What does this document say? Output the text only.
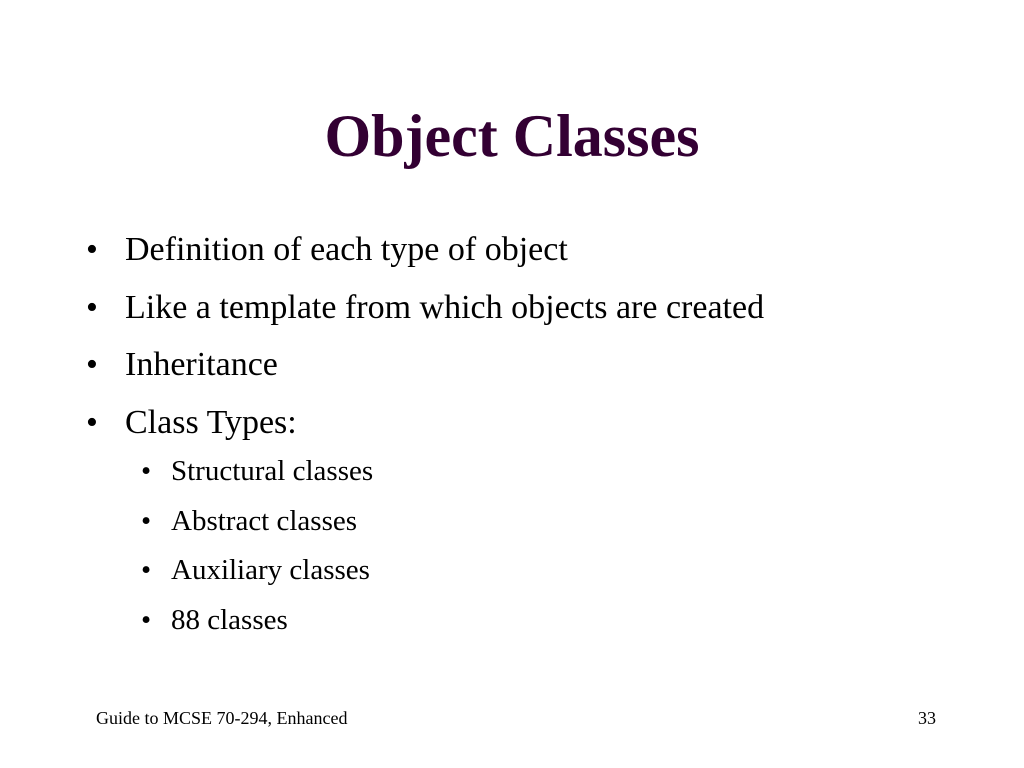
Object Classes
• Definition of each type of object
• Like a template from which objects are created
• Inheritance
• Class Types:
• Structural classes
• Abstract classes
• Auxiliary classes
• 88 classes
Guide to MCSE 70-294, Enhanced	33
